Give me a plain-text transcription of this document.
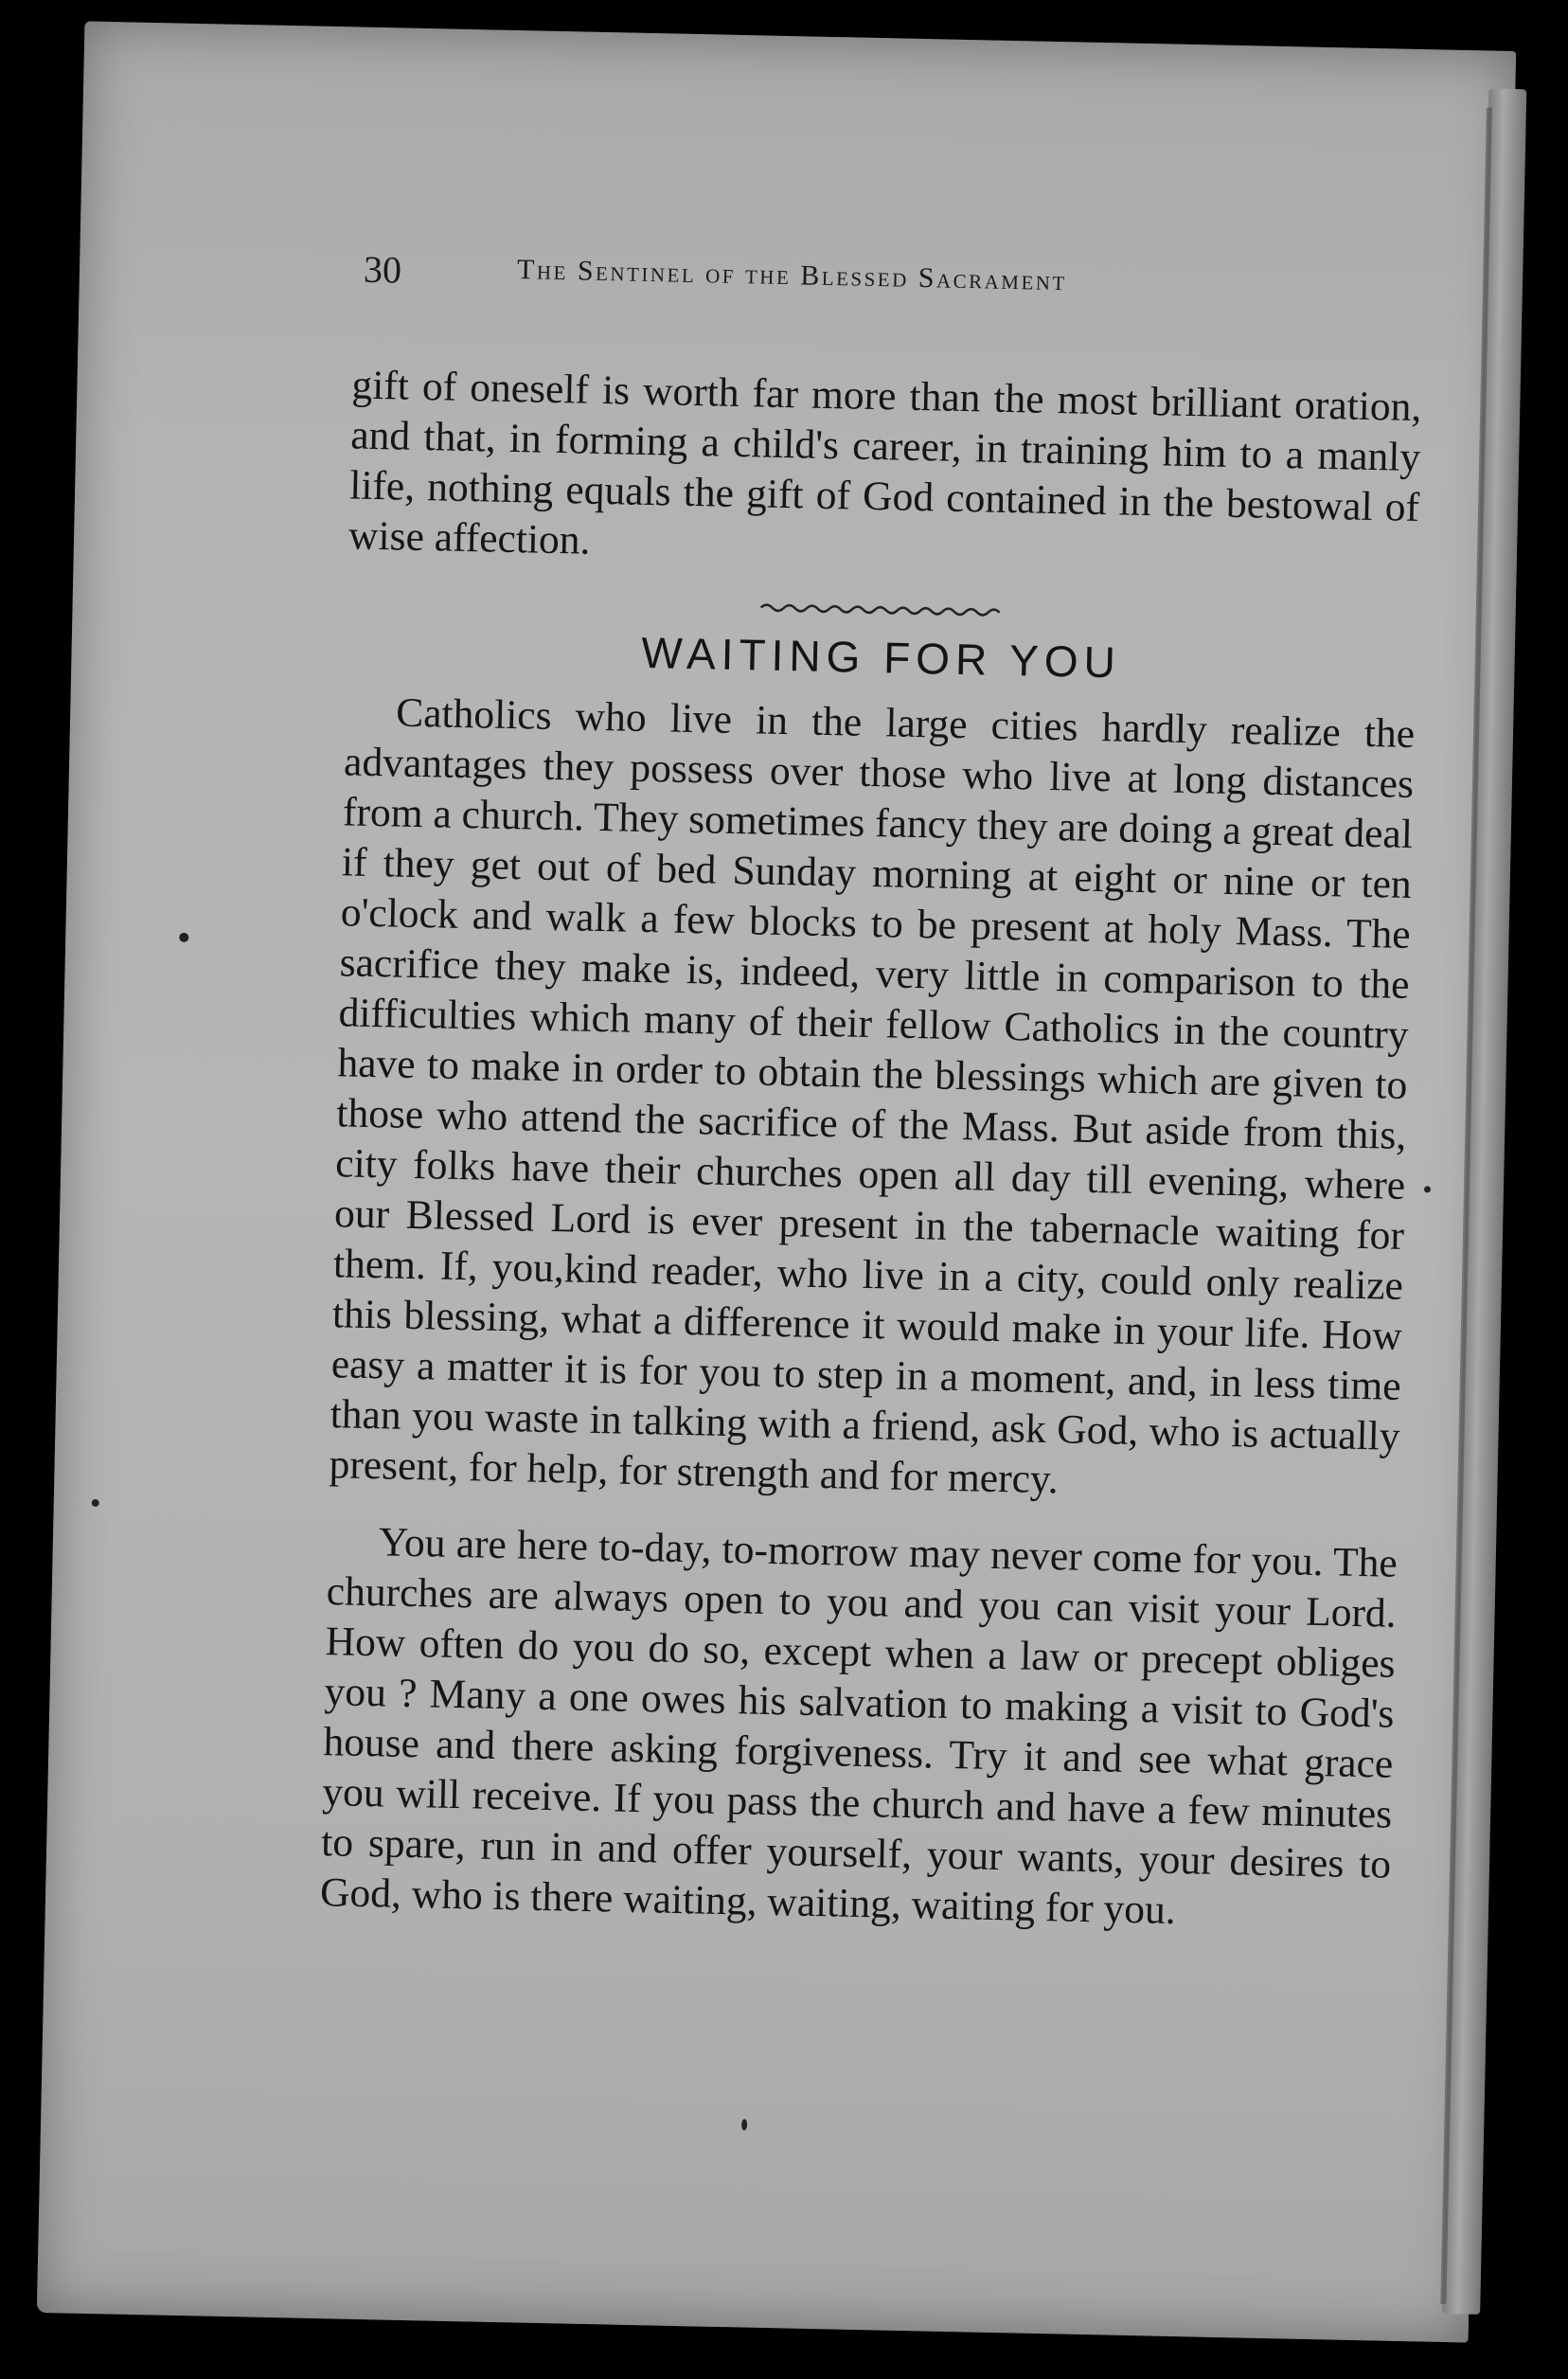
30	The Sentinel of the Blessed Sacrament

gift of oneself is worth far more than the most brilliant oration, and that, in forming a child's career, in training him to a manly life, nothing equals the gift of God contained in the bestowal of wise affection.

WAITING FOR YOU

Catholics who live in the large cities hardly realize the advantages they possess over those who live at long distances from a church. They sometimes fancy they are doing a great deal if they get out of bed Sunday morning at eight or nine or ten o'clock and walk a few blocks to be present at holy Mass. The sacrifice they make is, indeed, very little in comparison to the difficulties which many of their fellow Catholics in the country have to make in order to obtain the blessings which are given to those who attend the sacrifice of the Mass. But aside from this, city folks have their churches open all day till evening, where our Blessed Lord is ever present in the tabernacle waiting for them. If, you,kind reader, who live in a city, could only realize this blessing, what a difference it would make in your life. How easy a matter it is for you to step in a moment, and, in less time than you waste in talking with a friend, ask God, who is actually present, for help, for strength and for mercy.

You are here to-day, to-morrow may never come for you. The churches are always open to you and you can visit your Lord. How often do you do so, except when a law or precept obliges you ? Many a one owes his salvation to making a visit to God's house and there asking forgiveness. Try it and see what grace you will receive. If you pass the church and have a few minutes to spare, run in and offer yourself, your wants, your desires to God, who is there waiting, waiting, waiting for you.
